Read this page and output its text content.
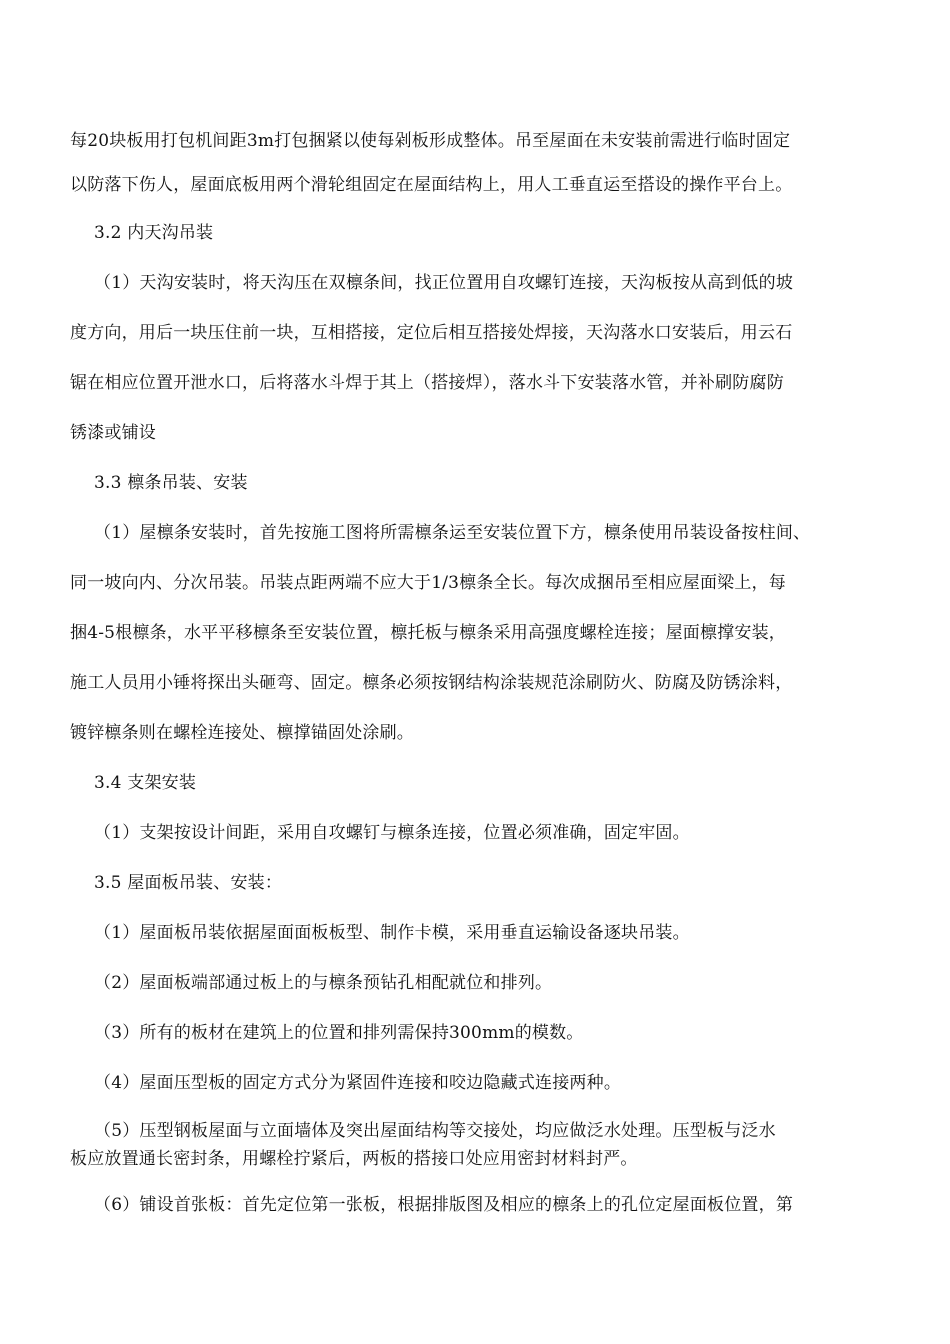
每20块板用打包机间距3m打包捆紧以使每剁板形成整体。吊至屋面在未安装前需进行临时固定
以防落下伤人，屋面底板用两个滑轮组固定在屋面结构上，用人工垂直运至搭设的操作平台上。
3.2 内天沟吊装
（1）天沟安装时，将天沟压在双檩条间，找正位置用自攻螺钉连接，天沟板按从高到低的坡
度方向，用后一块压住前一块，互相搭接，定位后相互搭接处焊接，天沟落水口安装后，用云石
锯在相应位置开泄水口，后将落水斗焊于其上（搭接焊），落水斗下安装落水管，并补刷防腐防
锈漆或铺设
3.3 檩条吊装、安装
（1）屋檩条安装时，首先按施工图将所需檩条运至安装位置下方，檩条使用吊装设备按柱间、
同一坡向内、分次吊装。吊装点距两端不应大于1/3檩条全长。每次成捆吊至相应屋面梁上，每
捆4-5根檩条，水平平移檩条至安装位置，檩托板与檩条采用高强度螺栓连接；屋面檩撑安装，
施工人员用小锤将探出头砸弯、固定。檩条必须按钢结构涂装规范涂刷防火、防腐及防锈涂料，
镀锌檩条则在螺栓连接处、檩撑锚固处涂刷。
3.4 支架安装
（1）支架按设计间距，采用自攻螺钉与檩条连接，位置必须准确，固定牢固。
3.5 屋面板吊装、安装：
（1）屋面板吊装依据屋面面板板型、制作卡模，采用垂直运输设备逐块吊装。
（2）屋面板端部通过板上的与檩条预钻孔相配就位和排列。
（3）所有的板材在建筑上的位置和排列需保持300mm的模数。
（4）屋面压型板的固定方式分为紧固件连接和咬边隐藏式连接两种。
（5）压型钢板屋面与立面墙体及突出屋面结构等交接处，均应做泛水处理。压型板与泛水
板应放置通长密封条，用螺栓拧紧后，两板的搭接口处应用密封材料封严。
（6）铺设首张板：首先定位第一张板，根据排版图及相应的檩条上的孔位定屋面板位置，第
